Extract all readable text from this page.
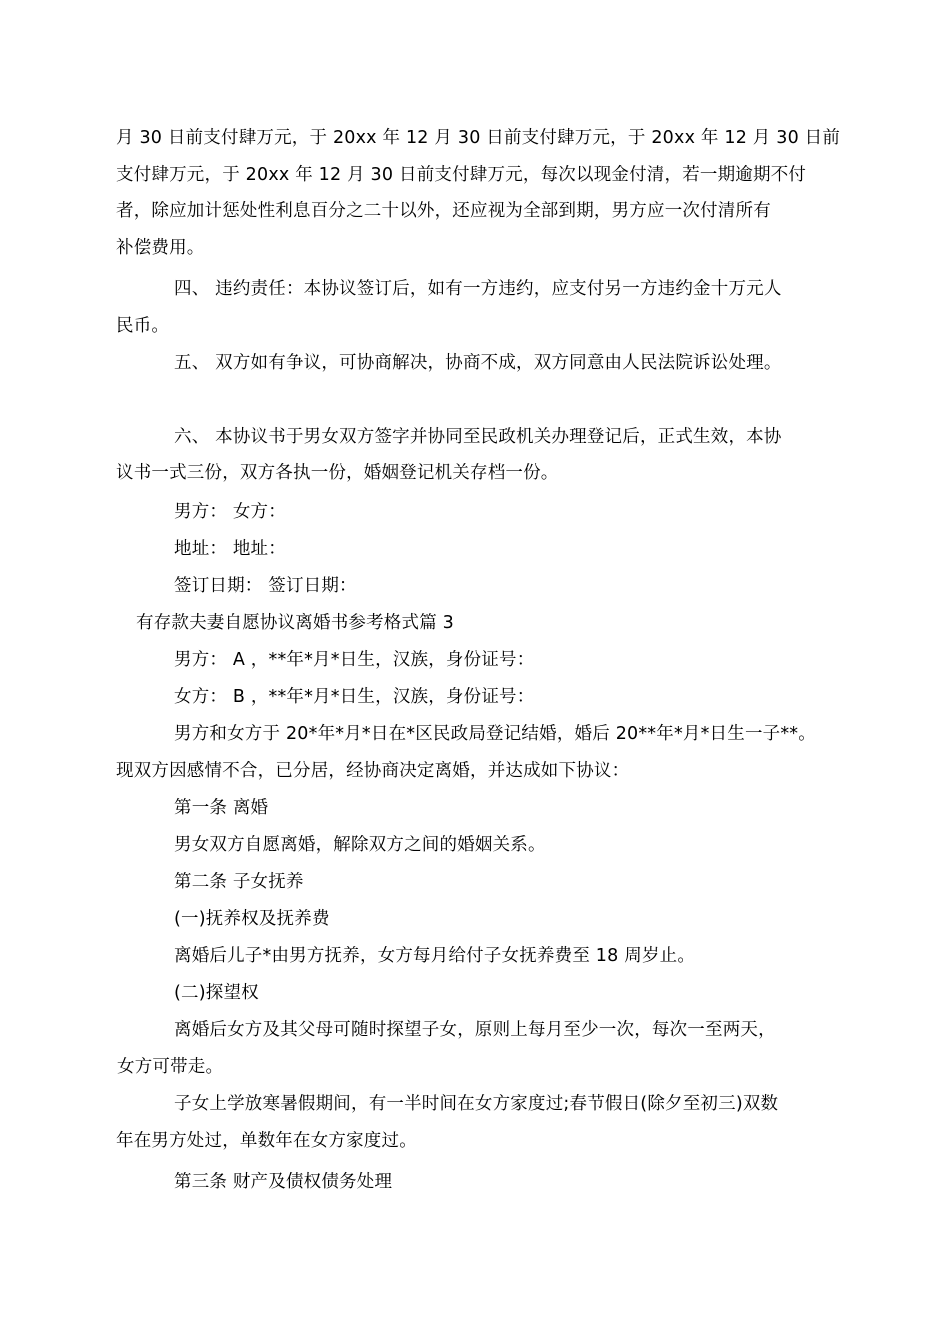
月 30 日前支付肆万元，于 20xx 年 12 月 30 日前支付肆万元，于 20xx 年 12 月 30 日前

支付肆万元，于 20xx 年 12 月 30 日前支付肆万元，每次以现金付清，若一期逾期不付

者，除应加计惩处性利息百分之二十以外，还应视为全部到期，男方应一次付清所有

补偿费用。

四、 违约责任：本协议签订后，如有一方违约，应支付另一方违约金十万元人

民币。

五、 双方如有争议，可协商解决，协商不成，双方同意由人民法院诉讼处理。

六、 本协议书于男女双方签字并协同至民政机关办理登记后，正式生效，本协

议书一式三份，双方各执一份，婚姻登记机关存档一份。

男方： 女方：

地址： 地址：

签订日期： 签订日期：

有存款夫妻自愿协议离婚书参考格式篇 3

男方： A ，**年*月*日生，汉族，身份证号：

女方： B ，**年*月*日生，汉族，身份证号：

男方和女方于 20*年*月*日在*区民政局登记结婚，婚后 20**年*月*日生一子**。

现双方因感情不合，已分居，经协商决定离婚，并达成如下协议：

第一条 离婚

男女双方自愿离婚，解除双方之间的婚姻关系。

第二条 子女抚养

(一)抚养权及抚养费

离婚后儿子*由男方抚养，女方每月给付子女抚养费至 18 周岁止。

(二)探望权

离婚后女方及其父母可随时探望子女，原则上每月至少一次，每次一至两天，

女方可带走。

子女上学放寒暑假期间，有一半时间在女方家度过;春节假日(除夕至初三)双数

年在男方处过，单数年在女方家度过。

第三条 财产及债权债务处理
